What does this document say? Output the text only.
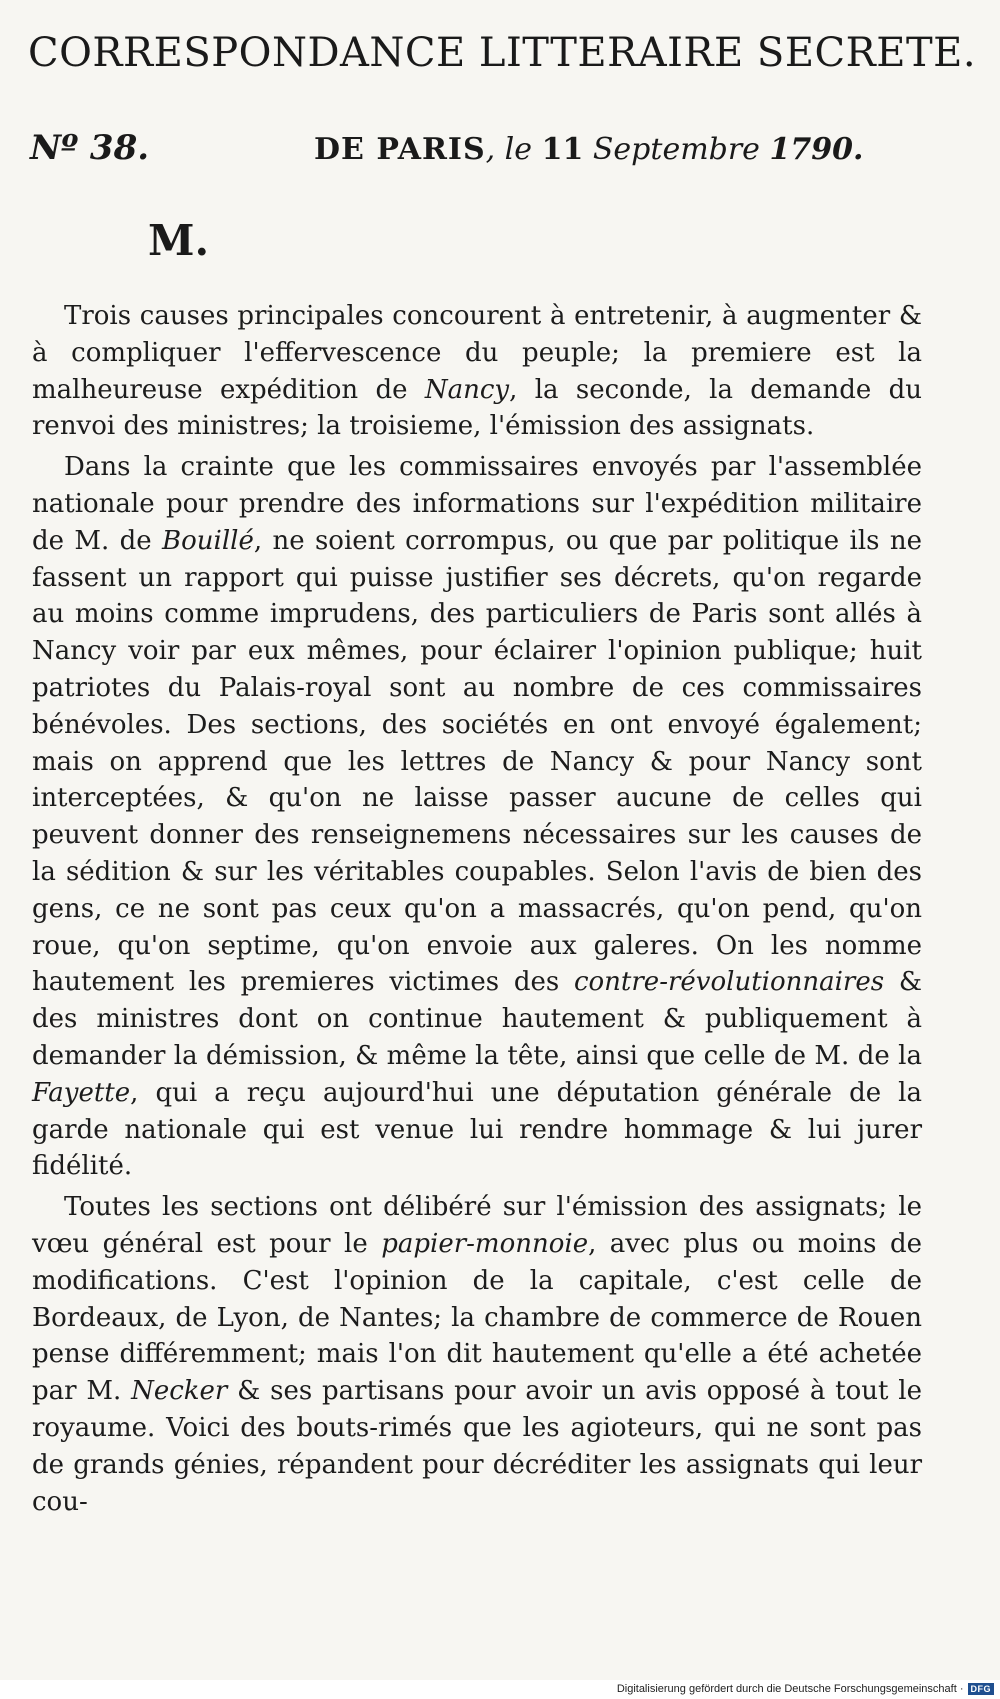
CORRESPONDANCE LITTERAIRE SECRETE.
Nº 38.	DE PARIS, le 11 Septembre 1790.
M.

Trois causes principales concourent à entretenir, à augmenter & à compliquer l'effervescence du peuple; la premiere est la malheureuse expédition de Nancy, la seconde, la demande du renvoi des ministres; la troisieme, l'émission des assignats.

Dans la crainte que les commissaires envoyés par l'assemblée nationale pour prendre des informations sur l'expédition militaire de M. de Bouillé, ne soient corrompus, ou que par politique ils ne fassent un rapport qui puisse justifier ses décrets, qu'on regarde au moins comme imprudens, des particuliers de Paris sont allés à Nancy voir par eux mêmes, pour éclairer l'opinion publique; huit patriotes du Palais-royal sont au nombre de ces commissaires bénévoles. Des sections, des sociétés en ont envoyé également; mais on apprend que les lettres de Nancy & pour Nancy sont interceptées, & qu'on ne laisse passer aucune de celles qui peuvent donner des renseignemens nécessaires sur les causes de la sédition & sur les véritables coupables. Selon l'avis de bien des gens, ce ne sont pas ceux qu'on a massacrés, qu'on pend, qu'on roue, qu'on septime, qu'on envoie aux galeres. On les nomme hautement les premieres victimes des contre-révolutionnaires & des ministres dont on continue hautement & publiquement à demander la démission, & même la tête, ainsi que celle de M. de la Fayette, qui a reçu aujourd'hui une députation générale de la garde nationale qui est venue lui rendre hommage & lui jurer fidélité.

Toutes les sections ont délibéré sur l'émission des assignats; le vœu général est pour le papier-monnoie, avec plus ou moins de modifications. C'est l'opinion de la capitale, c'est celle de Bordeaux, de Lyon, de Nantes; la chambre de commerce de Rouen pense différemment; mais l'on dit hautement qu'elle a été achetée par M. Necker & ses partisans pour avoir un avis opposé à tout le royaume. Voici des bouts-rimés que les agioteurs, qui ne sont pas de grands génies, répandent pour décréditer les assignats qui leur cou-

Digitalisierung gefördert durch die Deutsche Forschungsgemeinschaft · DFG
